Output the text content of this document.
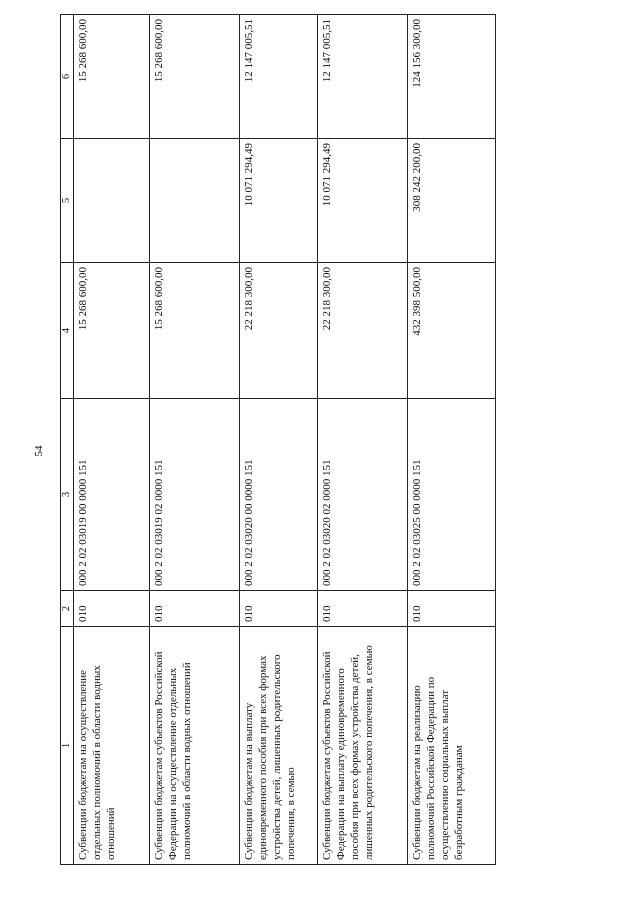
54
1	2	3	4	5	6
Субвенции бюджетам на осуществление отдельных полномочий в области водных отношений	010	000 2 02 03019 00 0000 151	15 268 600,00		15 268 600,00
Субвенции бюджетам субъектов Российской Федерации на осуществление отдельных полномочий в области водных отношений	010	000 2 02 03019 02 0000 151	15 268 600,00		15 268 600,00
Субвенции бюджетам на выплату единовременного пособия при всех формах устройства детей, лишенных родительского попечения, в семью	010	000 2 02 03020 00 0000 151	22 218 300,00	10 071 294,49	12 147 005,51
Субвенции бюджетам субъектов Российской Федерации на выплату единовременного пособия при всех формах устройства детей, лишенных родительского попечения, в семью	010	000 2 02 03020 02 0000 151	22 218 300,00	10 071 294,49	12 147 005,51
Субвенции бюджетам на реализацию полномочий Российской Федерации по осуществлению социальных выплат безработным гражданам	010	000 2 02 03025 00 0000 151	432 398 500,00	308 242 200,00	124 156 300,00
